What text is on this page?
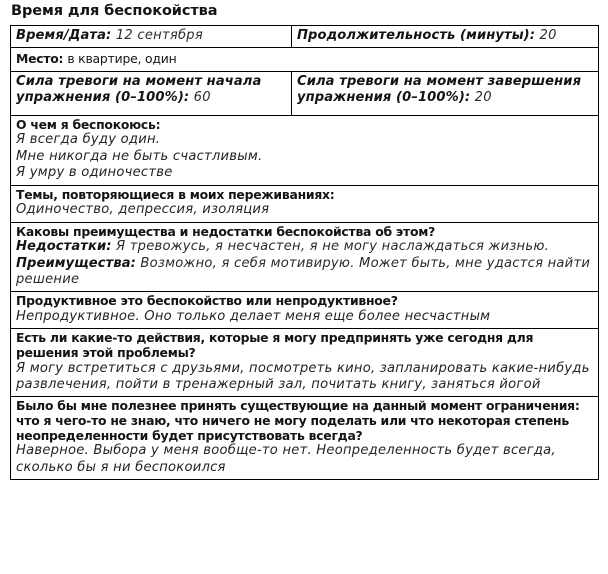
Время для беспокойства
Время/Дата: 12 сентября	Продолжительность (минуты): 20

Место: в квартире, один	

Сила тревоги на момент начала упражнения (0–100%): 60	Сила тревоги на момент завершения упражнения (0–100%): 20

О чем я беспокоюсь:
Я всегда буду один.
Мне никогда не быть счастливым.
Я умру в одиночестве	

Темы, повторяющиеся в моих переживаниях:
Одиночество, депрессия, изоляция	

Каковы преимущества и недостатки беспокойства об этом?
Недостатки: Я тревожусь, я несчастен, я не могу наслаждаться жизнью.
Преимущества: Возможно, я себя мотивирую. Может быть, мне удастся найти решение	

Продуктивное это беспокойство или непродуктивное?
Непродуктивное. Оно только делает меня еще более несчастным	

Есть ли какие-то действия, которые я могу предпринять уже сегодня для решения этой проблемы?
Я могу встретиться с друзьями, посмотреть кино, запланировать какие-нибудь развлечения, пойти в тренажерный зал, почитать книгу, заняться йогой	

Было бы мне полезнее принять существующие на данный момент ограничения: что я чего-то не знаю, что ничего не могу поделать или что некоторая степень неопределенности будет присутствовать всегда?
Наверное. Выбора у меня вообще-то нет. Неопределенность будет всегда, сколько бы я ни беспокоился	
